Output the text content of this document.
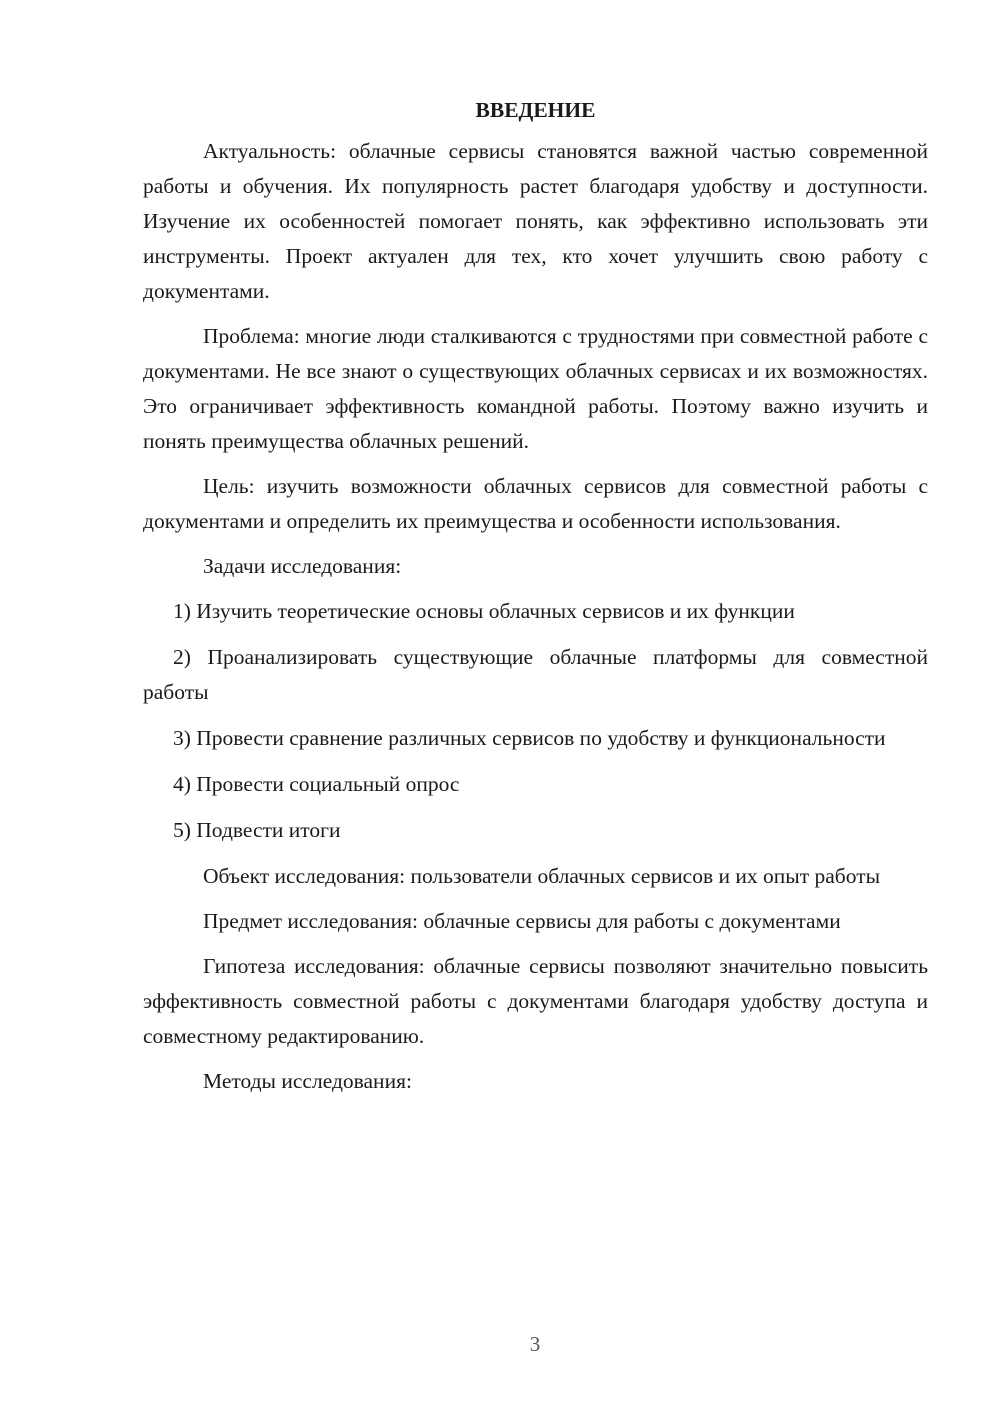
ВВЕДЕНИЕ

Актуальность: облачные сервисы становятся важной частью современной работы и обучения. Их популярность растет благодаря удобству и доступности. Изучение их особенностей помогает понять, как эффективно использовать эти инструменты. Проект актуален для тех, кто хочет улучшить свою работу с документами.

Проблема: многие люди сталкиваются с трудностями при совместной работе с документами. Не все знают о существующих облачных сервисах и их возможностях. Это ограничивает эффективность командной работы. Поэтому важно изучить и понять преимущества облачных решений.

Цель: изучить возможности облачных сервисов для совместной работы с документами и определить их преимущества и особенности использования.

Задачи исследования:

1) Изучить теоретические основы облачных сервисов и их функции

2) Проанализировать существующие облачные платформы для совместной работы

3) Провести сравнение различных сервисов по удобству и функциональности

4) Провести социальный опрос

5) Подвести итоги

Объект исследования: пользователи облачных сервисов и их опыт работы

Предмет исследования: облачные сервисы для работы с документами

Гипотеза исследования: облачные сервисы позволяют значительно повысить эффективность совместной работы с документами благодаря удобству доступа и совместному редактированию.

Методы исследования:

3
